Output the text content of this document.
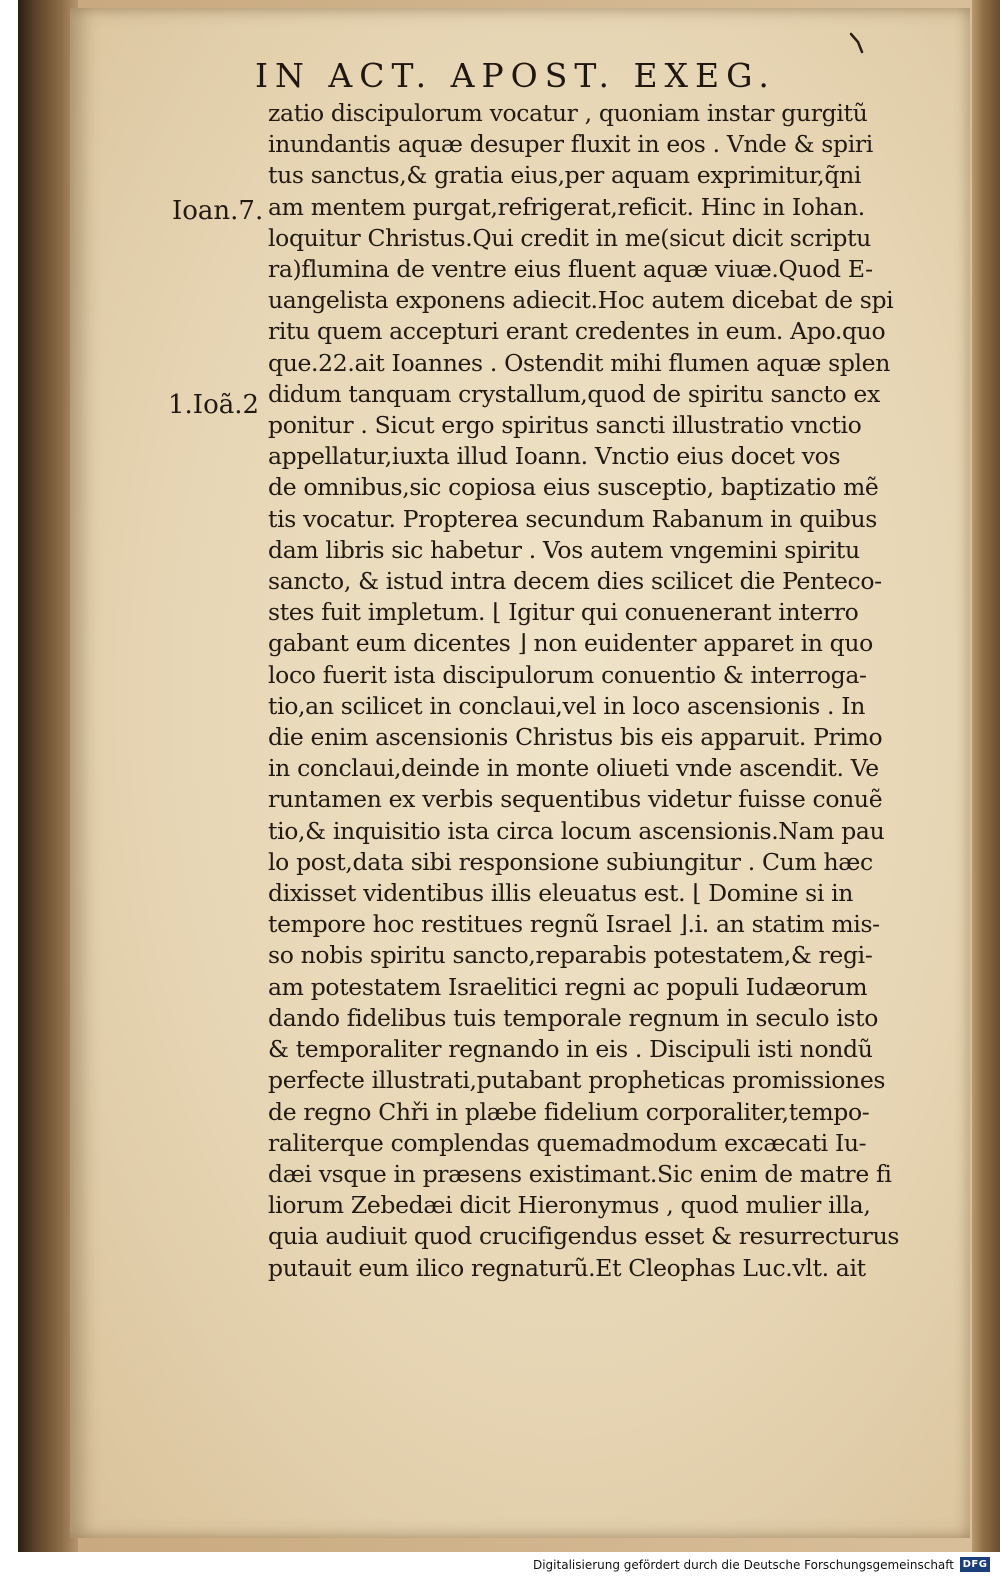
IN ACT. APOST. EXEG.
Ioan.7.
1.Ioã.2
zatio discipulorum vocatur , quoniam instar gurgitũ
inundantis aquæ desuper fluxit in eos . Vnde & spiri
tus sanctus,& gratia eius,per aquam exprimitur,q̃ni
am mentem purgat,refrigerat,reficit. Hinc in Iohan.
loquitur Christus.Qui credit in me(sicut dicit scriptu
ra)flumina de ventre eius fluent aquæ viuæ.Quod E-
uangelista exponens adiecit.Hoc autem dicebat de spi
ritu quem accepturi erant credentes in eum. Apo.quo
que.22.ait Ioannes . Ostendit mihi flumen aquæ splen
didum tanquam crystallum,quod de spiritu sancto ex
ponitur . Sicut ergo spiritus sancti illustratio vnctio
appellatur,iuxta illud Ioann. Vnctio eius docet vos
de omnibus,sic copiosa eius susceptio, baptizatio mẽ
tis vocatur. Propterea secundum Rabanum in quibus
dam libris sic habetur . Vos autem vngemini spiritu
sancto, & istud intra decem dies scilicet die Penteco-
stes fuit impletum. ⌊ Igitur qui conuenerant interro
gabant eum dicentes ⌋ non euidenter apparet in quo
loco fuerit ista discipulorum conuentio & interroga-
tio,an scilicet in conclaui,vel in loco ascensionis . In
die enim ascensionis Christus bis eis apparuit. Primo
in conclaui,deinde in monte oliueti vnde ascendit. Ve
runtamen ex verbis sequentibus videtur fuisse conuẽ
tio,& inquisitio ista circa locum ascensionis.Nam pau
lo post,data sibi responsione subiungitur . Cum hæc
dixisset videntibus illis eleuatus est. ⌊ Domine si in
tempore hoc restitues regnũ Israel ⌋.i. an statim mis-
so nobis spiritu sancto,reparabis potestatem,& regi-
am potestatem Israelitici regni ac populi Iudæorum
dando fidelibus tuis temporale regnum in seculo isto
& temporaliter regnando in eis . Discipuli isti nondũ
perfecte illustrati,putabant propheticas promissiones
de regno Chři in plæbe fidelium corporaliter,tempo-
raliterque complendas quemadmodum excæcati Iu-
dæi vsque in præsens existimant.Sic enim de matre fi
liorum Zebedæi dicit Hieronymus , quod mulier illa,
quia audiuit quod crucifigendus esset & resurrecturus
putauit eum ilico regnaturũ.Et Cleophas Luc.vlt. ait
Digitalisierung gefördert durch die Deutsche Forschungsgemeinschaft DFG
